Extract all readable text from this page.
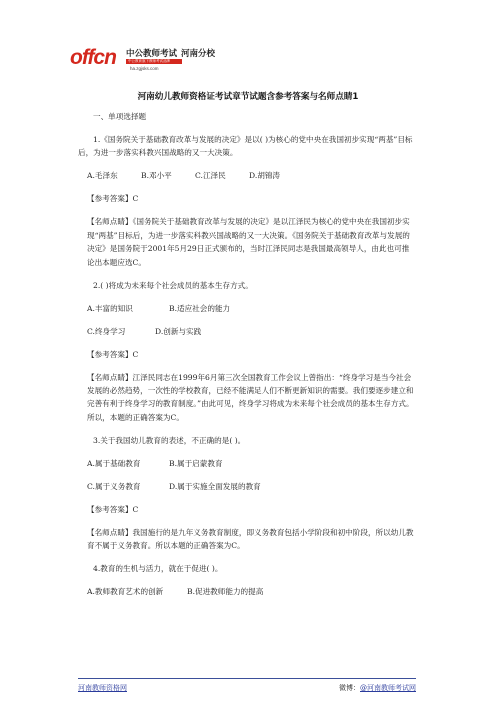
offcn 中公教师考试 河南分校
中公教育旗下教师考试品牌
ha.zgjsks.com
河南幼儿教师资格证考试章节试题含参考答案与名师点睛1

一、单项选择题

1.《国务院关于基础教育改革与发展的决定》是以( )为核心的党中央在我国初步实现“两基”目标后，为进一步落实科教兴国战略的又一大决策。

A.毛泽东	B.邓小平	C.江泽民	D.胡锦涛

【参考答案】C

【名师点睛】《国务院关于基础教育改革与发展的决定》是以江泽民为核心的党中央在我国初步实现“两基”目标后，为进一步落实科教兴国战略的又一大决策。《国务院关于基础教育改革与发展的决定》是国务院于2001年5月29日正式颁布的，当时江泽民同志是我国最高领导人，由此也可推论出本题应选C。

2.( )将成为未来每个社会成员的基本生存方式。

A.丰富的知识	B.适应社会的能力

C.终身学习	D.创新与实践

【参考答案】C

【名师点睛】江泽民同志在1999年6月第三次全国教育工作会议上曾指出：“终身学习是当今社会发展的必然趋势，一次性的学校教育，已经不能满足人们不断更新知识的需要。我们要逐步建立和完善有利于终身学习的教育制度。”由此可见，终身学习将成为未来每个社会成员的基本生存方式。所以，本题的正确答案为C。

3.关于我国幼儿教育的表述，不正确的是( )。

A.属于基础教育	B.属于启蒙教育

C.属于义务教育	D.属于实施全面发展的教育

【参考答案】C

【名师点睛】我国施行的是九年义务教育制度，即义务教育包括小学阶段和初中阶段，所以幼儿教育不属于义务教育。所以本题的正确答案为C。

4.教育的生机与活力，就在于促进( )。

A.教师教育艺术的创新	B.促进教师能力的提高

河南教师资格网	微博：@河南教师考试网
